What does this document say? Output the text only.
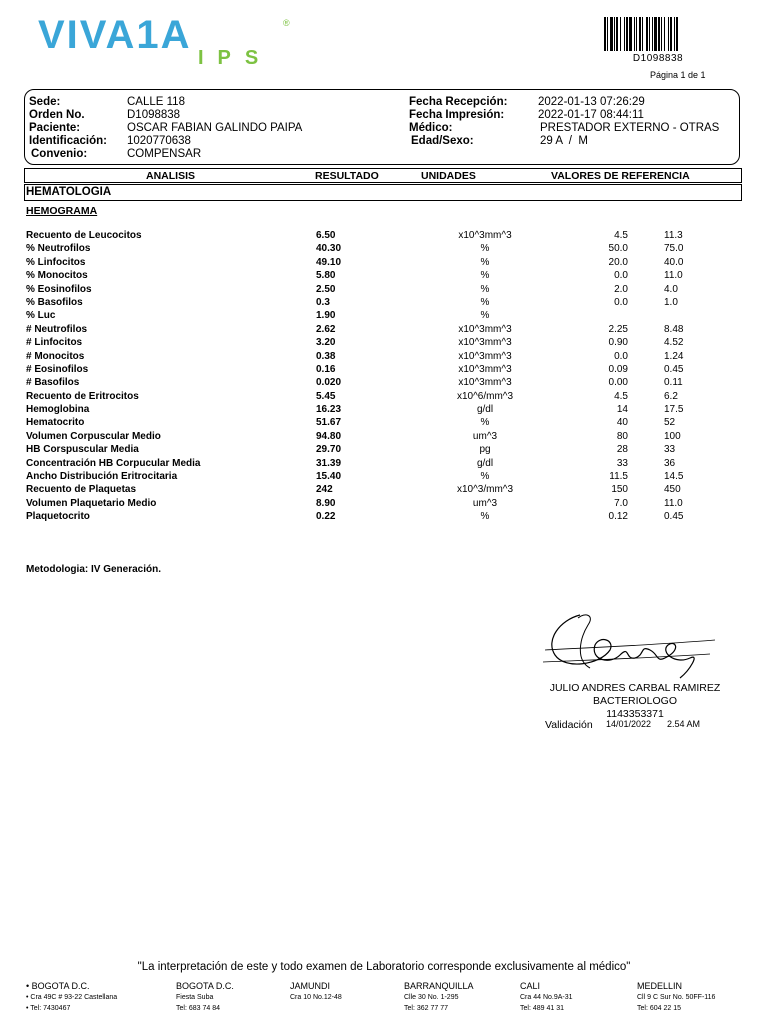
VIVA1A
IPS
®
D1098838
Página 1 de 1
Sede:	CALLE 118
Orden No.	D1098838
Paciente:	OSCAR FABIAN GALINDO PAIPA
Identificación: 1020770638
Convenio:	COMPENSAR
Fecha Recepción:	2022-01-13 07:26:29
Fecha Impresión:	2022-01-17 08:44:11
Médico:	PRESTADOR EXTERNO - OTRAS
Edad/Sexo:	29 A  /  M
ANALISIS	RESULTADO	UNIDADES	VALORES DE REFERENCIA
HEMATOLOGIA
HEMOGRAMA
Recuento de Leucocitos	6.50	x10^3mm^3	4.5	11.3
% Neutrofilos	40.30	%	50.0	75.0
% Linfocitos	49.10	%	20.0	40.0
% Monocitos	5.80	%	0.0	11.0
% Eosinofilos	2.50	%	2.0	4.0
% Basofilos	0.3	%	0.0	1.0
% Luc	1.90	%
# Neutrofilos	2.62	x10^3mm^3	2.25	8.48
# Linfocitos	3.20	x10^3mm^3	0.90	4.52
# Monocitos	0.38	x10^3mm^3	0.0	1.24
# Eosinofilos	0.16	x10^3mm^3	0.09	0.45
# Basofilos	0.020	x10^3mm^3	0.00	0.11
Recuento de Eritrocitos	5.45	x10^6/mm^3	4.5	6.2
Hemoglobina	16.23	g/dl	14	17.5
Hematocrito	51.67	%	40	52
Volumen Corpuscular Medio	94.80	um^3	80	100
HB Corspuscular Media	29.70	pg	28	33
Concentración HB Corpucular Media	31.39	g/dl	33	36
Ancho Distribución Eritrocitaria	15.40	%	11.5	14.5
Recuento de Plaquetas	242	x10^3/mm^3	150	450
Volumen Plaquetario Medio	8.90	um^3	7.0	11.0
Plaquetocrito	0.22	%	0.12	0.45
Metodologia: IV Generación.
JULIO ANDRES CARBAL RAMIREZ
BACTERIOLOGO
1143353371
Validación 14/01/2022 2.54 AM
"La interpretación de este y todo examen de Laboratorio corresponde exclusivamente al médico"
• BOGOTA D.C.
• Cra 49C # 93-22 Castellana
• Tel: 7430467
BOGOTA D.C.
Fiesta Suba
Tel: 683 74 84
JAMUNDI
Cra 10 No.12-48

BARRANQUILLA
Clle 30 No. 1-295
Tel: 362 77 77
CALI
Cra 44 No.9A-31
Tel: 489 41 31
MEDELLIN
Cll 9 C Sur No. 50FF-116
Tel: 604 22 15
